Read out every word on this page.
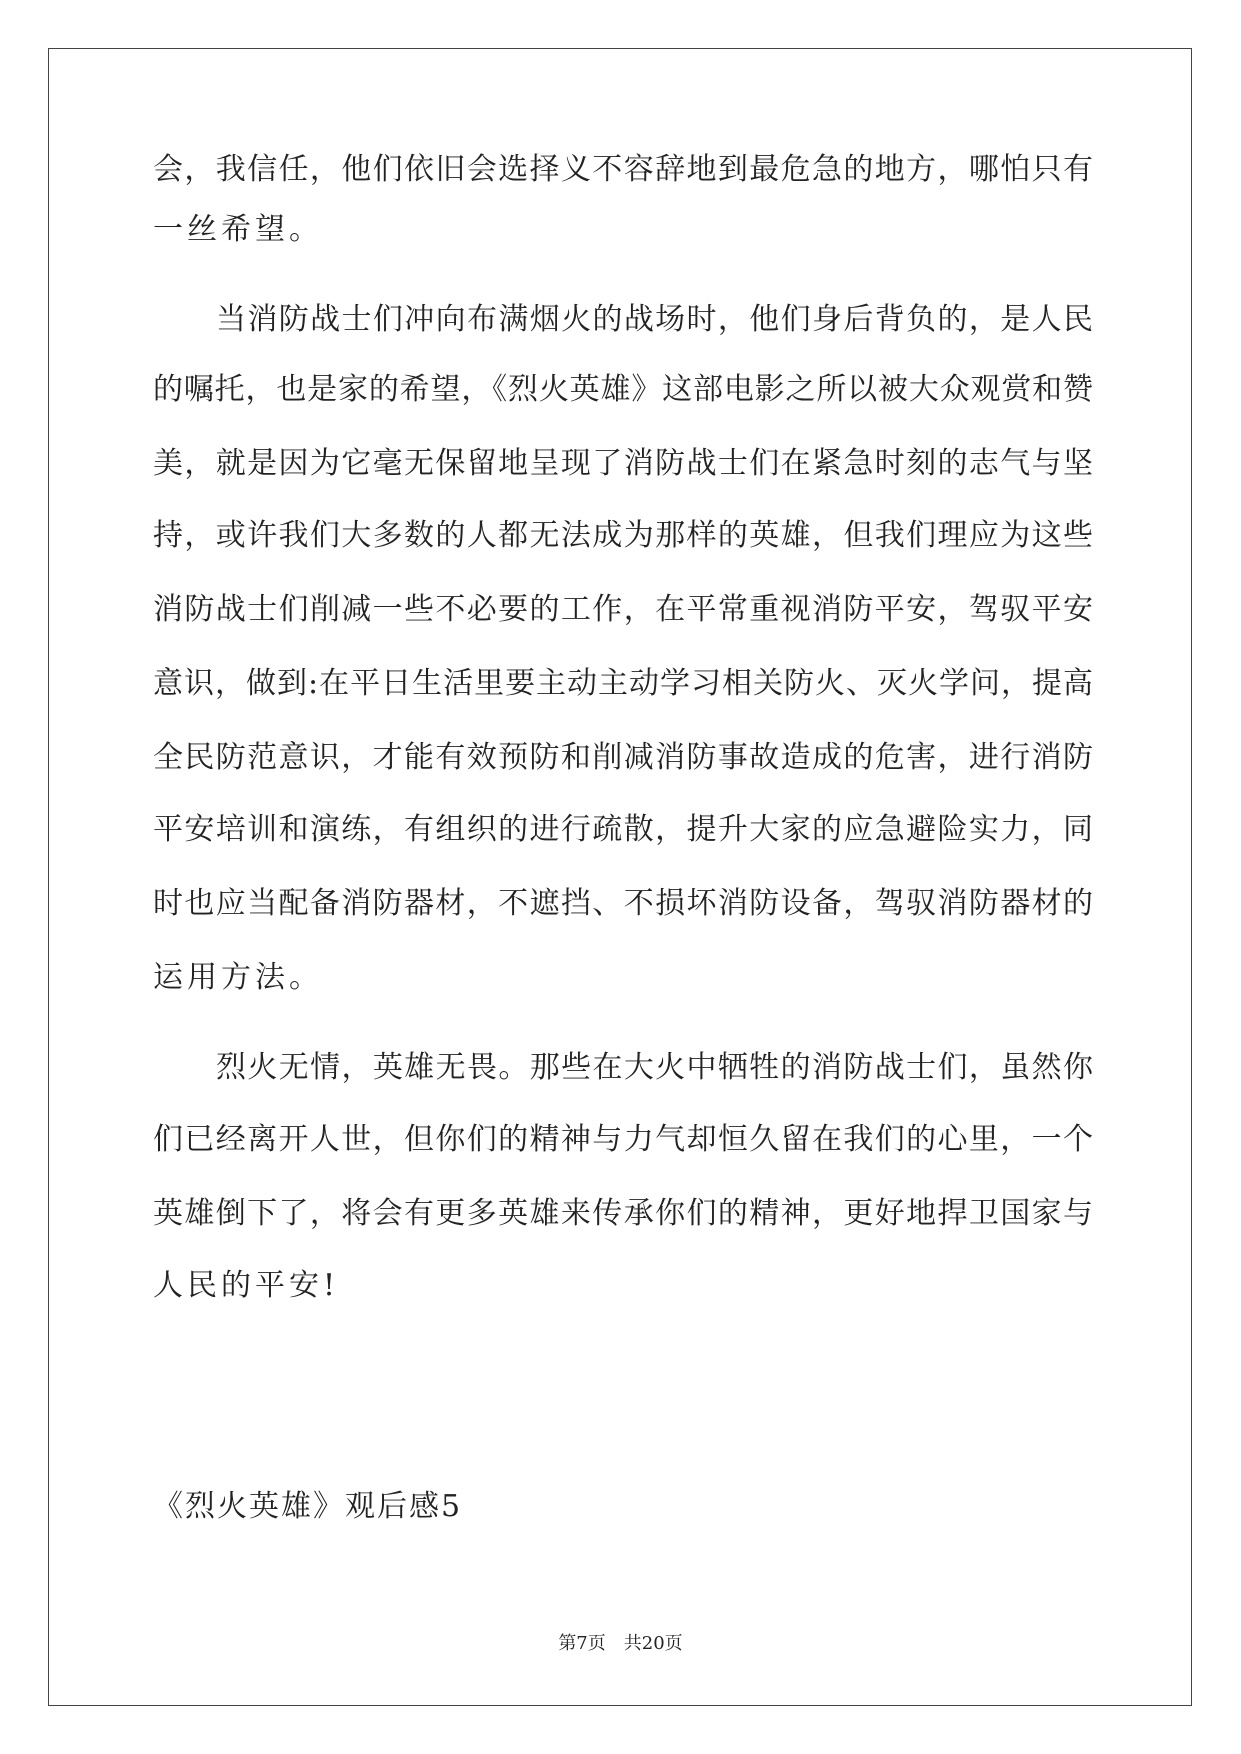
会，我信任，他们依旧会选择义不容辞地到最危急的地方，哪怕只有
一丝希望。
当消防战士们冲向布满烟火的战场时，他们身后背负的，是人民
的嘱托，也是家的希望，《烈火英雄》这部电影之所以被大众观赏和赞
美，就是因为它毫无保留地呈现了消防战士们在紧急时刻的志气与坚
持，或许我们大多数的人都无法成为那样的英雄，但我们理应为这些
消防战士们削减一些不必要的工作，在平常重视消防平安，驾驭平安
意识，做到:在平日生活里要主动主动学习相关防火、灭火学问，提高
全民防范意识，才能有效预防和削减消防事故造成的危害，进行消防
平安培训和演练，有组织的进行疏散，提升大家的应急避险实力，同
时也应当配备消防器材，不遮挡、不损坏消防设备，驾驭消防器材的
运用方法。
烈火无情，英雄无畏。那些在大火中牺牲的消防战士们，虽然你
们已经离开人世，但你们的精神与力气却恒久留在我们的心里，一个
英雄倒下了，将会有更多英雄来传承你们的精神，更好地捍卫国家与
人民的平安!
《烈火英雄》观后感5
第7页　共20页
